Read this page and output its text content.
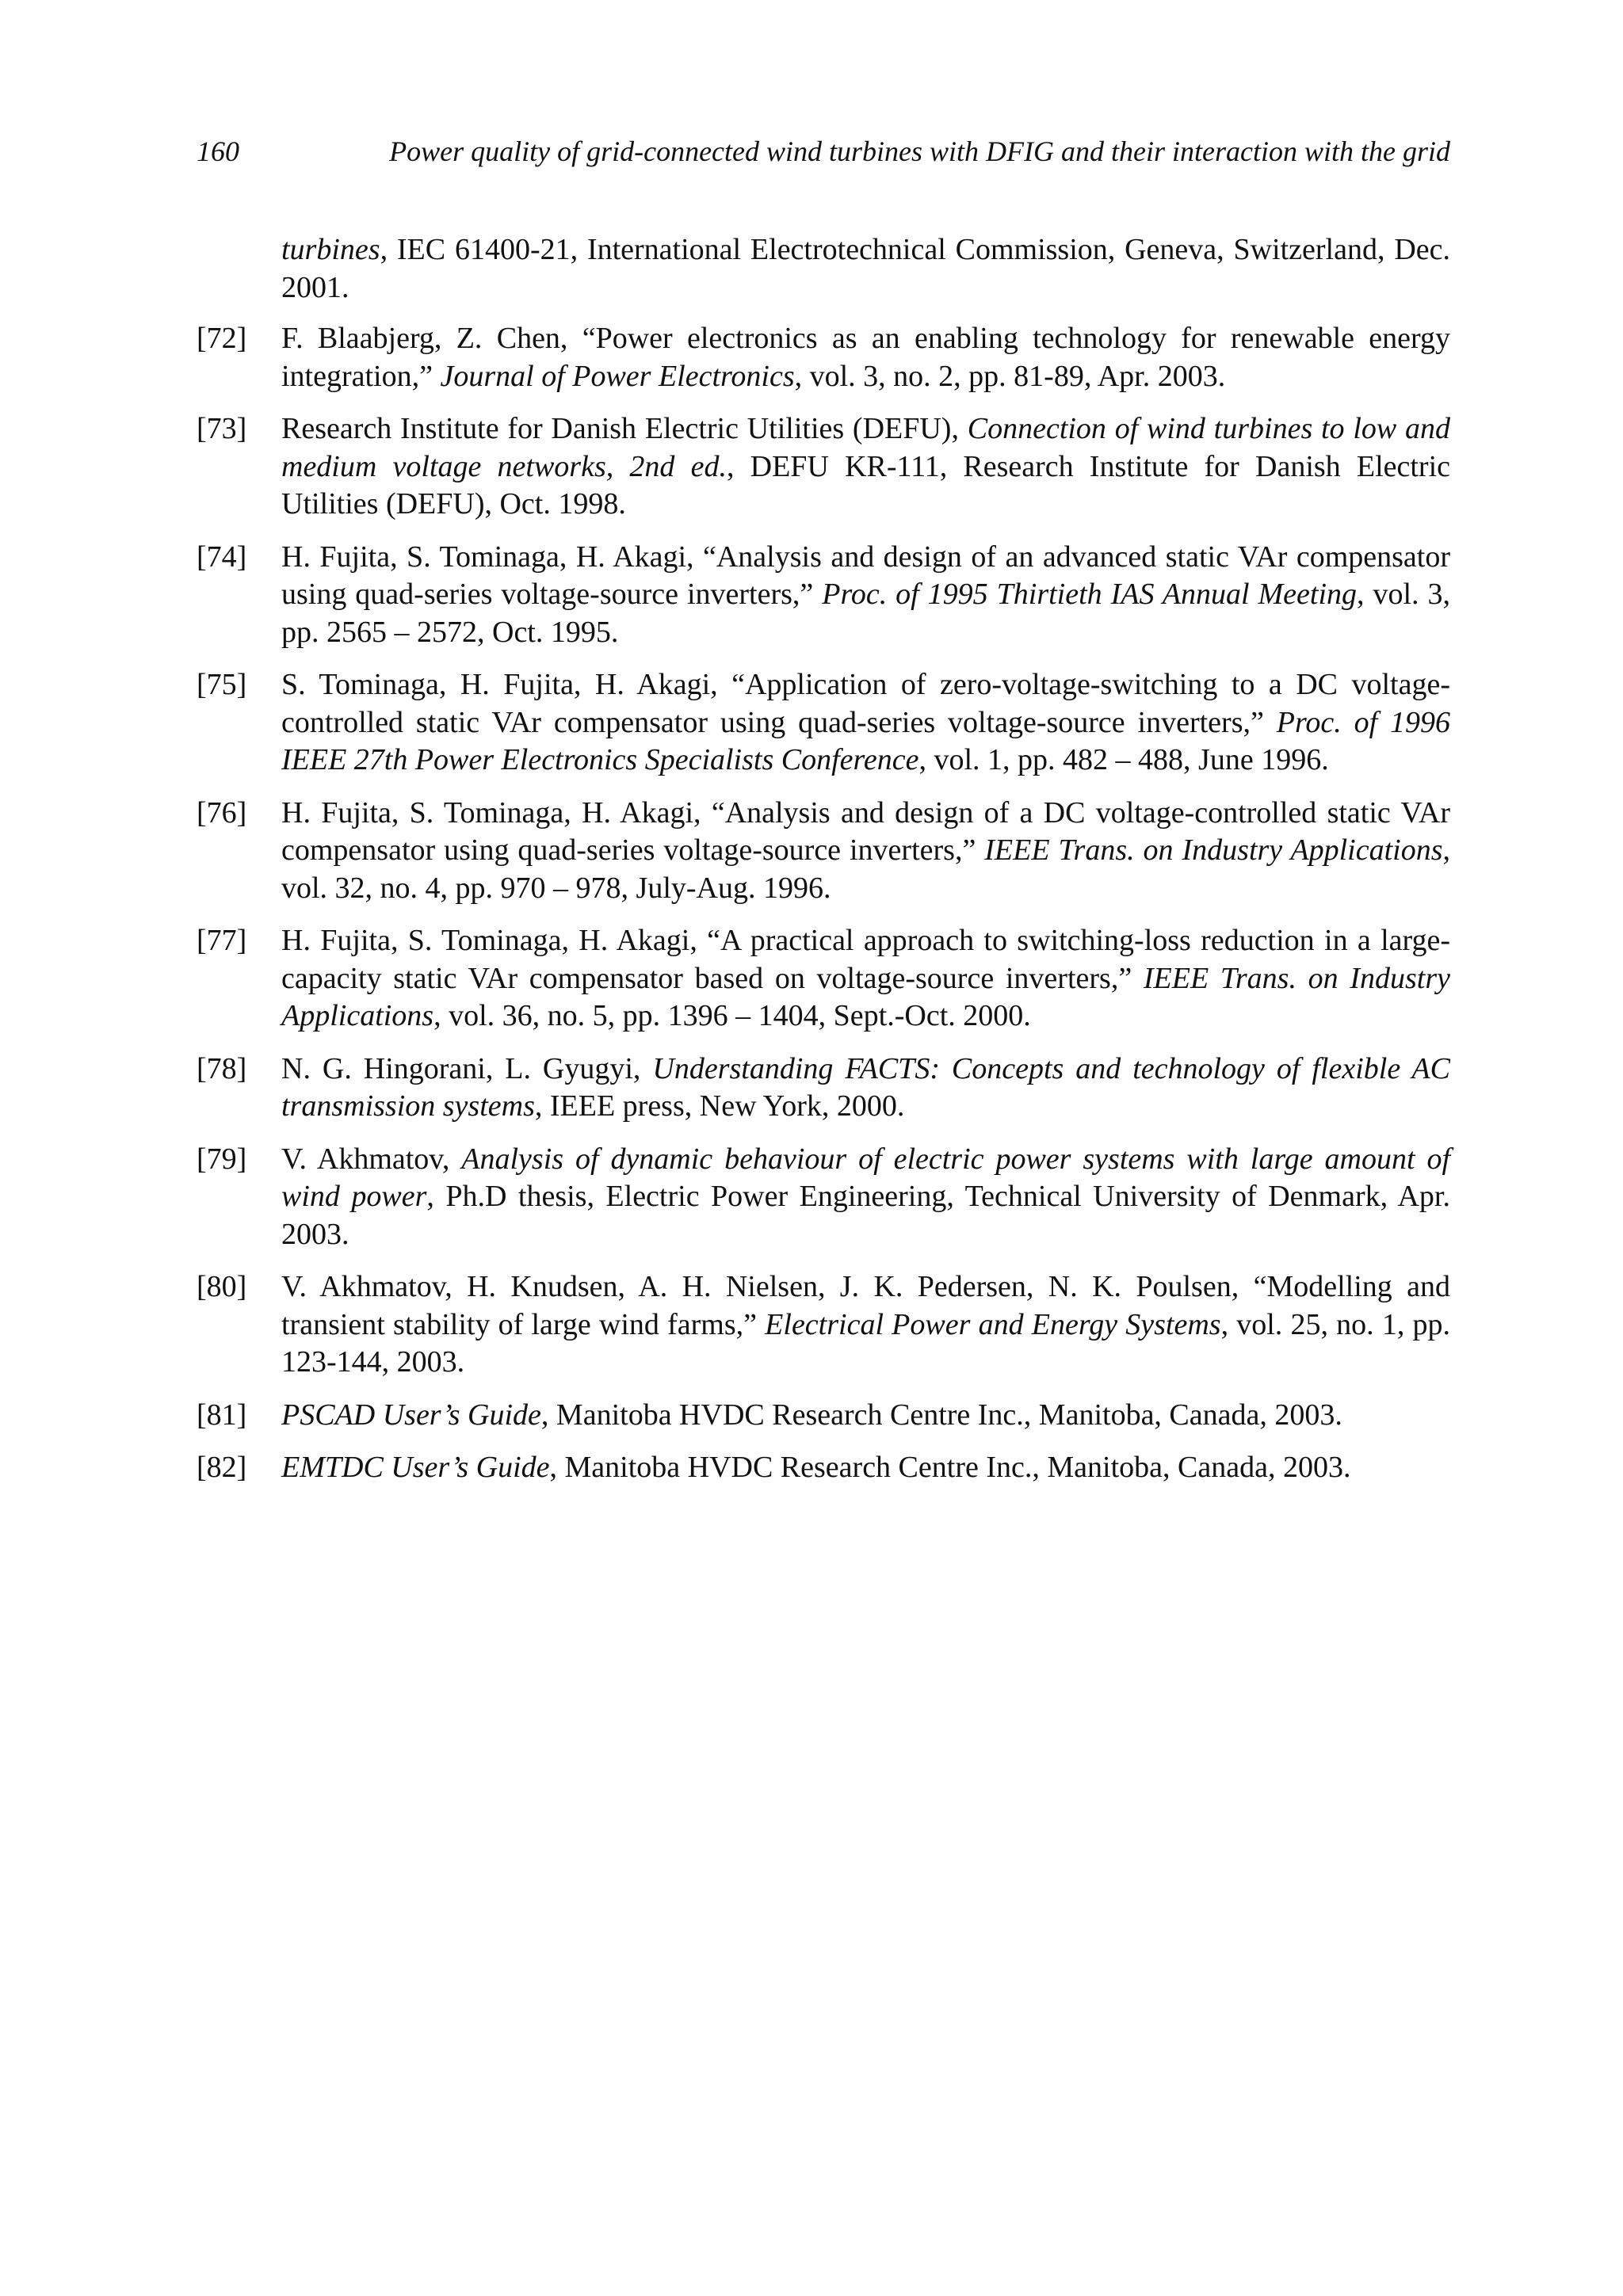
160	Power quality of grid-connected wind turbines with DFIG and their interaction with the grid
turbines, IEC 61400-21, International Electrotechnical Commission, Geneva, Switzerland, Dec. 2001.
[72] F. Blaabjerg, Z. Chen, “Power electronics as an enabling technology for renewable energy integration,” Journal of Power Electronics, vol. 3, no. 2, pp. 81-89, Apr. 2003.
[73] Research Institute for Danish Electric Utilities (DEFU), Connection of wind turbines to low and medium voltage networks, 2nd ed., DEFU KR-111, Research Institute for Danish Electric Utilities (DEFU), Oct. 1998.
[74] H. Fujita, S. Tominaga, H. Akagi, “Analysis and design of an advanced static VAr compensator using quad-series voltage-source inverters,” Proc. of 1995 Thirtieth IAS Annual Meeting, vol. 3, pp. 2565 – 2572, Oct. 1995.
[75] S. Tominaga, H. Fujita, H. Akagi, “Application of zero-voltage-switching to a DC voltage-controlled static VAr compensator using quad-series voltage-source inverters,” Proc. of 1996 IEEE 27th Power Electronics Specialists Conference, vol. 1, pp. 482 – 488, June 1996.
[76] H. Fujita, S. Tominaga, H. Akagi, “Analysis and design of a DC voltage-controlled static VAr compensator using quad-series voltage-source inverters,” IEEE Trans. on Industry Applications, vol. 32, no. 4, pp. 970 – 978, July-Aug. 1996.
[77] H. Fujita, S. Tominaga, H. Akagi, “A practical approach to switching-loss reduction in a large-capacity static VAr compensator based on voltage-source inverters,” IEEE Trans. on Industry Applications, vol. 36, no. 5, pp. 1396 – 1404, Sept.-Oct. 2000.
[78] N. G. Hingorani, L. Gyugyi, Understanding FACTS: Concepts and technology of flexible AC transmission systems, IEEE press, New York, 2000.
[79] V. Akhmatov, Analysis of dynamic behaviour of electric power systems with large amount of wind power, Ph.D thesis, Electric Power Engineering, Technical University of Denmark, Apr. 2003.
[80] V. Akhmatov, H. Knudsen, A. H. Nielsen, J. K. Pedersen, N. K. Poulsen, “Modelling and transient stability of large wind farms,” Electrical Power and Energy Systems, vol. 25, no. 1, pp. 123-144, 2003.
[81] PSCAD User’s Guide, Manitoba HVDC Research Centre Inc., Manitoba, Canada, 2003.
[82] EMTDC User’s Guide, Manitoba HVDC Research Centre Inc., Manitoba, Canada, 2003.
